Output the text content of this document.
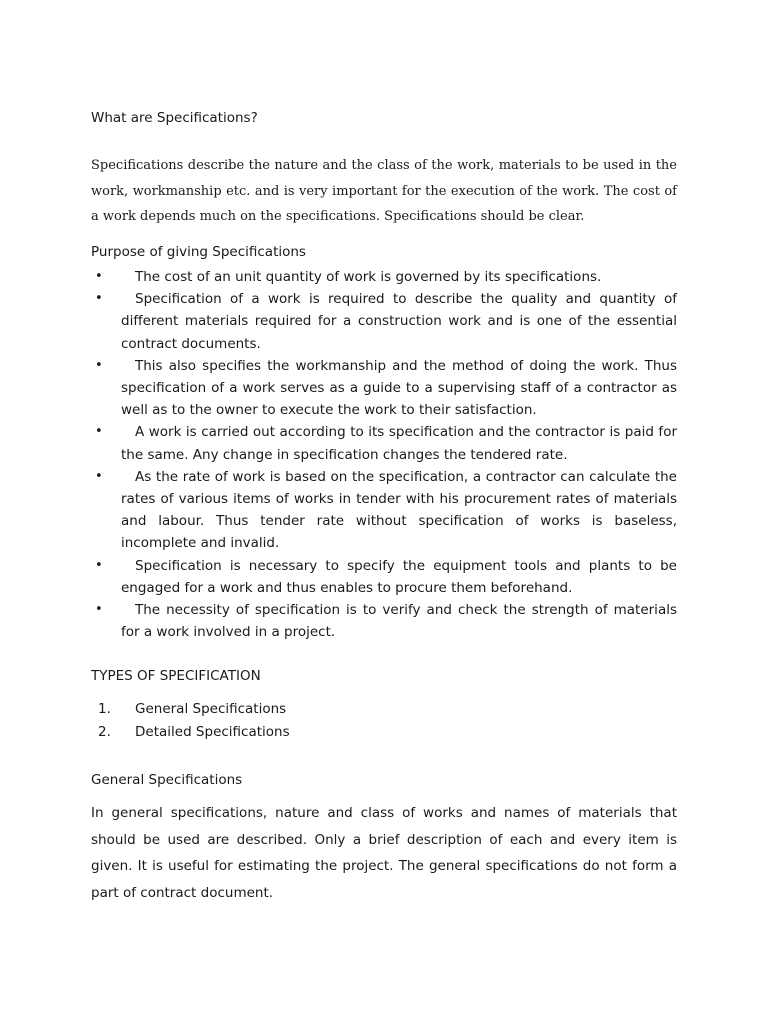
What are Specifications?

Specifications describe the nature and the class of the work, materials to be used in the work, workmanship etc. and is very important for the execution of the work. The cost of a work depends much on the specifications. Specifications should be clear.

Purpose of giving Specifications
•	The cost of an unit quantity of work is governed by its specifications.
•	Specification of a work is required to describe the quality and quantity of different materials required for a construction work and is one of the essential contract documents.
•	This also specifies the workmanship and the method of doing the work. Thus specification of a work serves as a guide to a supervising staff of a contractor as well as to the owner to execute the work to their satisfaction.
•	A work is carried out according to its specification and the contractor is paid for the same. Any change in specification changes the tendered rate.
•	As the rate of work is based on the specification, a contractor can calculate the rates of various items of works in tender with his procurement rates of materials and labour. Thus tender rate without specification of works is baseless, incomplete and invalid.
•	Specification is necessary to specify the equipment tools and plants to be engaged for a work and thus enables to procure them beforehand.
•	The necessity of specification is to verify and check the strength of materials for a work involved in a project.
TYPES OF SPECIFICATION
1. General Specifications
2. Detailed Specifications
General Specifications

In general specifications, nature and class of works and names of materials that should be used are described. Only a brief description of each and every item is given. It is useful for estimating the project. The general specifications do not form a part of contract document.
